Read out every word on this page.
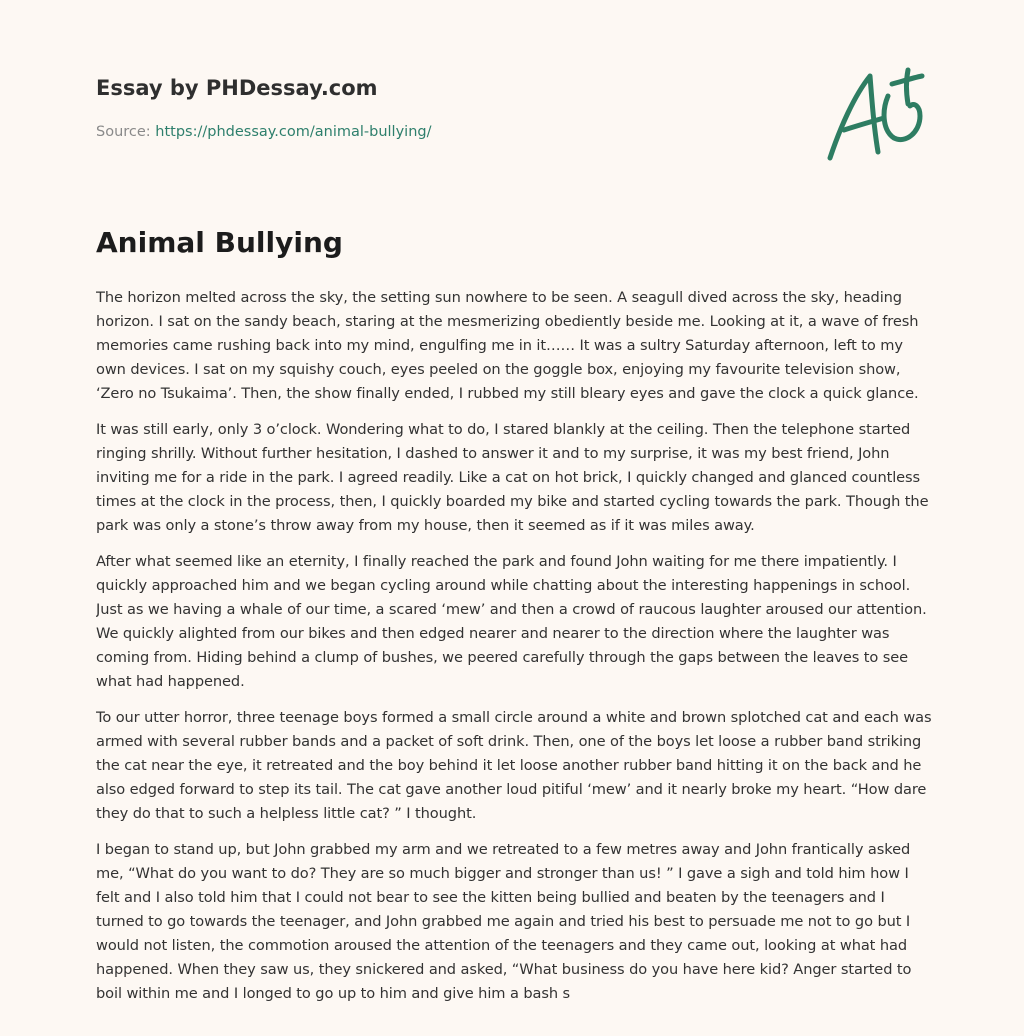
Essay by PHDessay.com
Source: https://phdessay.com/animal-bullying/
Animal Bullying

The horizon melted across the sky, the setting sun nowhere to be seen. A seagull dived across the sky, heading horizon. I sat on the sandy beach, staring at the mesmerizing obediently beside me. Looking at it, a wave of fresh memories came rushing back into my mind, engulfing me in it…… It was a sultry Saturday afternoon, left to my own devices. I sat on my squishy couch, eyes peeled on the goggle box, enjoying my favourite television show, ‘Zero no Tsukaima’. Then, the show finally ended, I rubbed my still bleary eyes and gave the clock a quick glance.

It was still early, only 3 o’clock. Wondering what to do, I stared blankly at the ceiling. Then the telephone started ringing shrilly. Without further hesitation, I dashed to answer it and to my surprise, it was my best friend, John inviting me for a ride in the park. I agreed readily. Like a cat on hot brick, I quickly changed and glanced countless times at the clock in the process, then, I quickly boarded my bike and started cycling towards the park. Though the park was only a stone’s throw away from my house, then it seemed as if it was miles away.

After what seemed like an eternity, I finally reached the park and found John waiting for me there impatiently. I quickly approached him and we began cycling around while chatting about the interesting happenings in school. Just as we having a whale of our time, a scared ‘mew’ and then a crowd of raucous laughter aroused our attention. We quickly alighted from our bikes and then edged nearer and nearer to the direction where the laughter was coming from. Hiding behind a clump of bushes, we peered carefully through the gaps between the leaves to see what had happened.

To our utter horror, three teenage boys formed a small circle around a white and brown splotched cat and each was armed with several rubber bands and a packet of soft drink. Then, one of the boys let loose a rubber band striking the cat near the eye, it retreated and the boy behind it let loose another rubber band hitting it on the back and he also edged forward to step its tail. The cat gave another loud pitiful ‘mew’ and it nearly broke my heart. “How dare they do that to such a helpless little cat? ” I thought.

I began to stand up, but John grabbed my arm and we retreated to a few metres away and John frantically asked me, “What do you want to do? They are so much bigger and stronger than us! ” I gave a sigh and told him how I felt and I also told him that I could not bear to see the kitten being bullied and beaten by the teenagers and I turned to go towards the teenager, and John grabbed me again and tried his best to persuade me not to go but I would not listen, the commotion aroused the attention of the teenagers and they came out, looking at what had happened. When they saw us, they snickered and asked, “What business do you have here kid? Anger started to boil within me and I longed to go up to him and give him a bash s
